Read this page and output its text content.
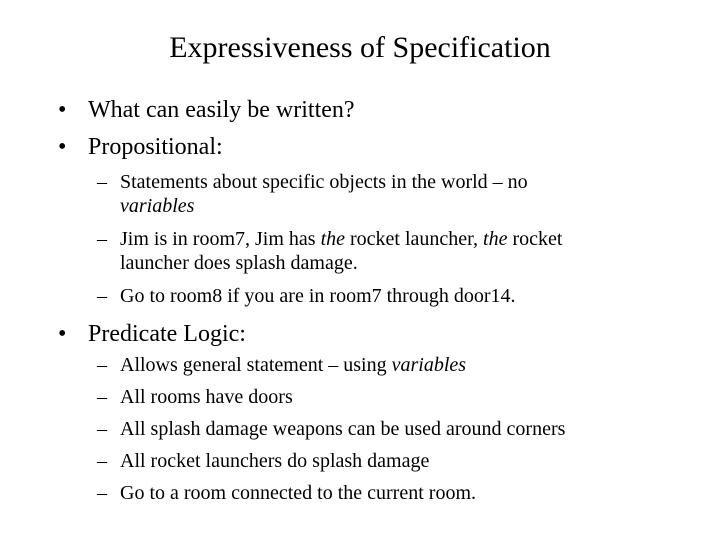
Expressiveness of Specification
• What can easily be written?
• Propositional:
– Statements about specific objects in the world – no
variables
– Jim is in room7, Jim has the rocket launcher, the rocket
launcher does splash damage.
– Go to room8 if you are in room7 through door14.
• Predicate Logic:
– Allows general statement – using variables
– All rooms have doors
– All splash damage weapons can be used around corners
– All rocket launchers do splash damage
– Go to a room connected to the current room.
